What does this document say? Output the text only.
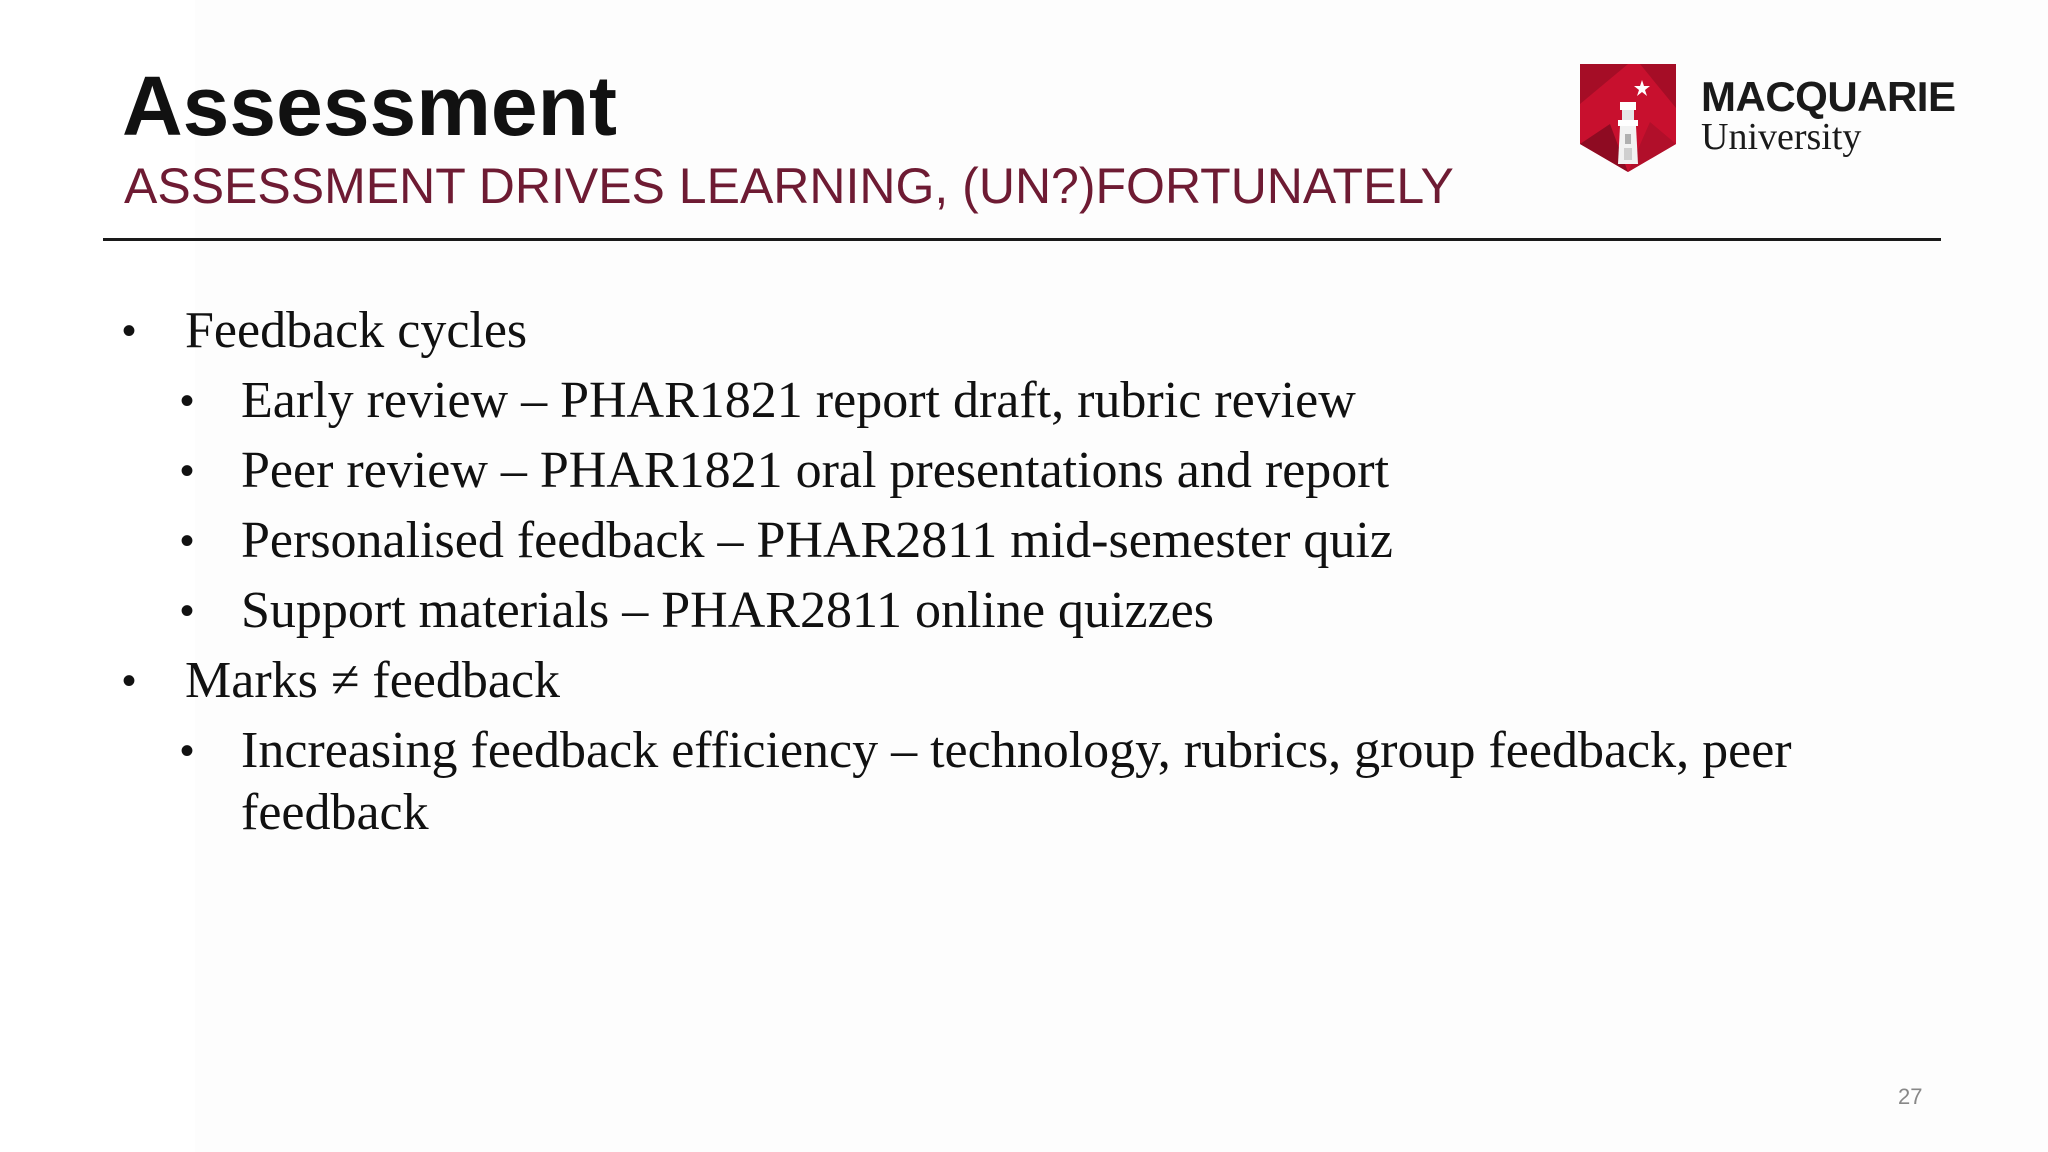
Assessment

ASSESSMENT DRIVES LEARNING, (UN?)FORTUNATELY

MACQUARIE
University
• Feedback cycles
• Early review – PHAR1821 report draft, rubric review
• Peer review – PHAR1821 oral presentations and report
• Personalised feedback – PHAR2811 mid-semester quiz
• Support materials – PHAR2811 online quizzes
• Marks ≠ feedback
• Increasing feedback efficiency – technology, rubrics, group feedback, peer feedback
27
